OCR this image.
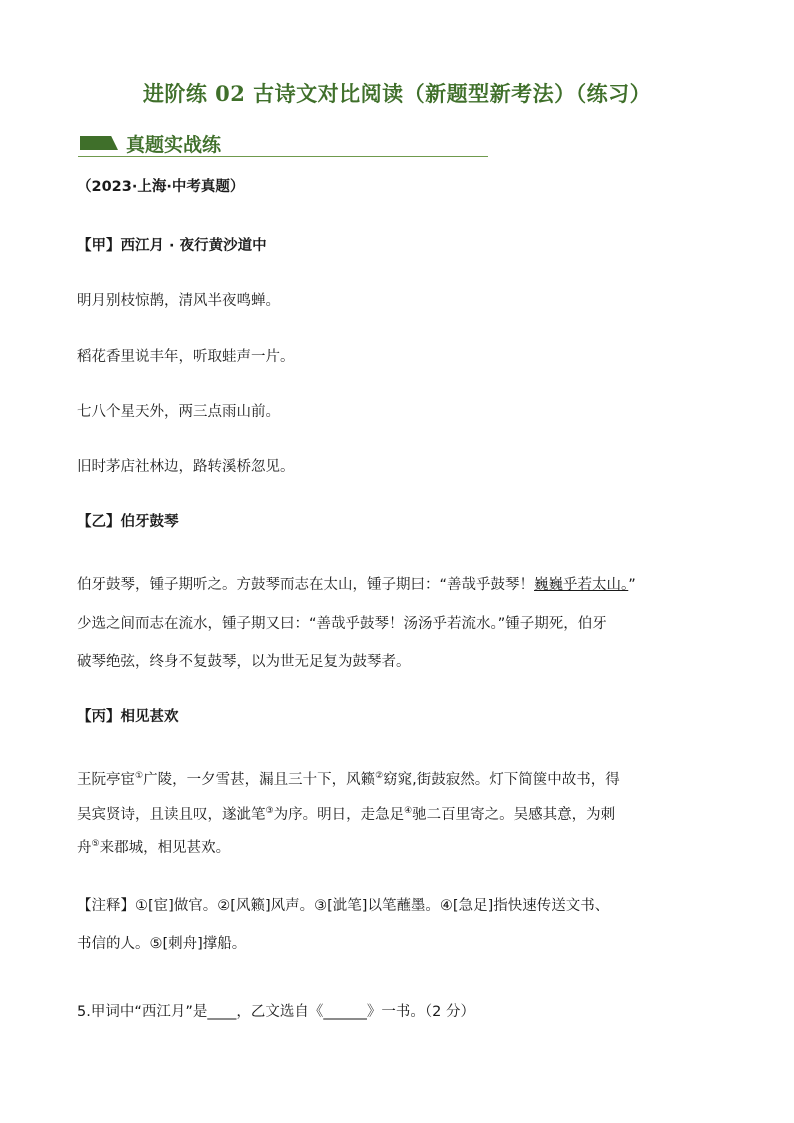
进阶练 02 古诗文对比阅读（新题型新考法）（练习）
真题实战练
（2023·上海·中考真题）
【甲】西江月 · 夜行黄沙道中
明月别枝惊鹊，清风半夜鸣蝉。
稻花香里说丰年，听取蛙声一片。
七八个星天外，两三点雨山前。
旧时茅店社林边，路转溪桥忽见。
【乙】伯牙鼓琴
伯牙鼓琴，锺子期听之。方鼓琴而志在太山，锺子期曰：“善哉乎鼓琴！巍巍乎若太山。”
少选之间而志在流水，锺子期又曰：“善哉乎鼓琴！汤汤乎若流水。”锺子期死，伯牙
破琴绝弦，终身不复鼓琴，以为世无足复为鼓琴者。
【丙】相见甚欢
王阮亭宦①广陵，一夕雪甚，漏且三十下，风籁②窈窕,街鼓寂然。灯下简箧中故书，得
吴宾贤诗，且读且叹，遂泚笔③为序。明日，走急足④驰二百里寄之。吴感其意，为刺
舟⑤来郡城，相见甚欢。
【注释】①[宦]做官。②[风籁]风声。③[泚笔]以笔蘸墨。④[急足]指快速传送文书、
书信的人。⑤[刺舟]撑船。
5.甲词中“西江月”是____，乙文选自《______》一书。（2 分）
